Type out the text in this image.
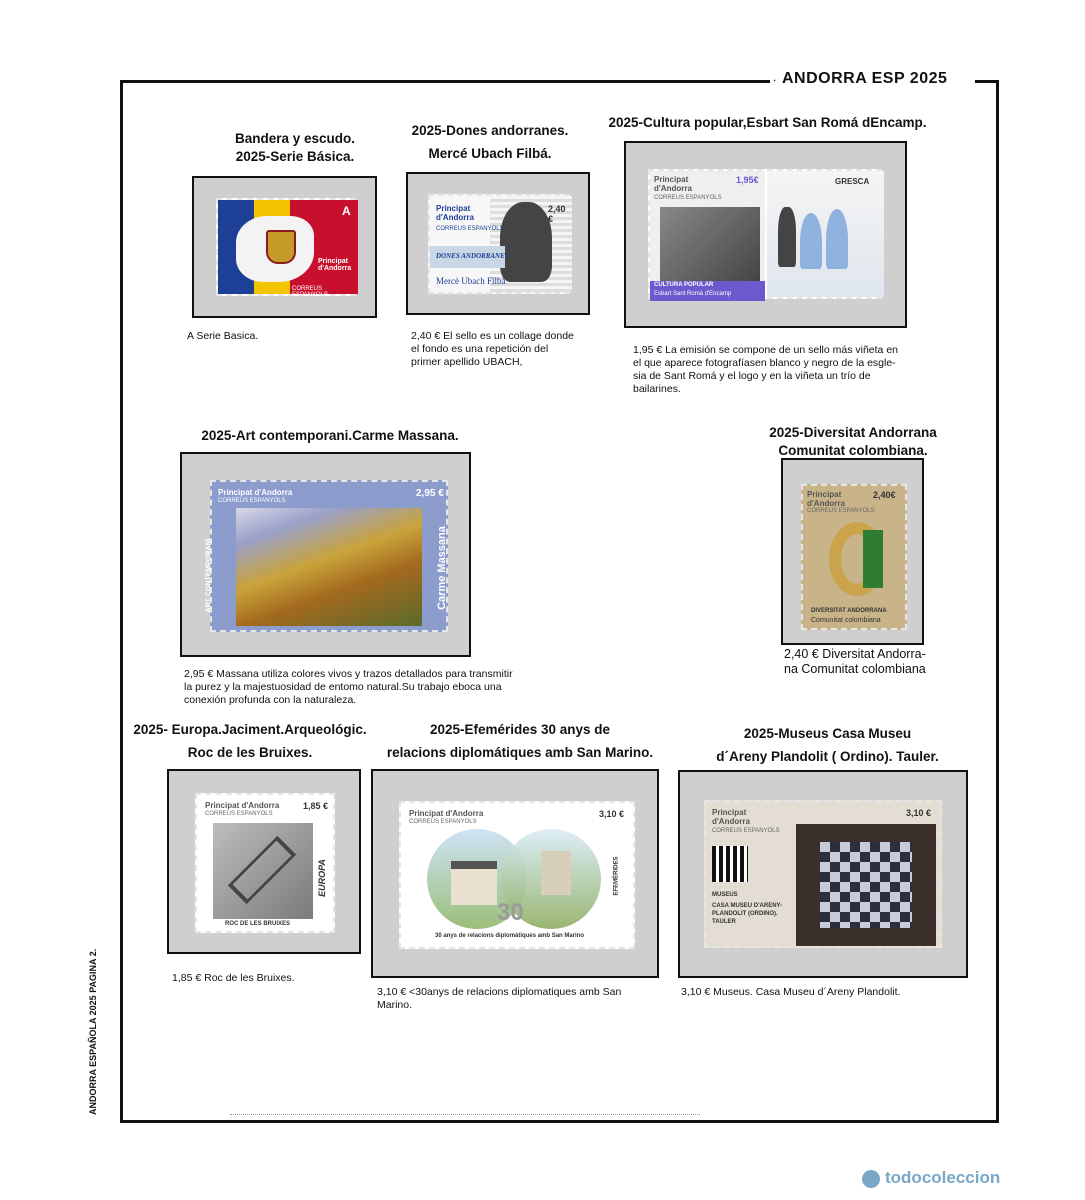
. ANDORRA ESP 2025
ANDORRA ESPAÑOLA 2025 PAGINA 2.
Bandera y escudo.
2025-Serie Básica.
A
Principat d'Andorra
CORREUS ESPANYOLS
A Serie Basica.
2025-Dones andorranes.
Mercé Ubach Filbá.
Principat d'Andorra
CORREUS ESPANYOLS
2,40 €
DONES ANDORRANES
Mercè Ubach Filbà
2,40 € El sello es un collage donde
el fondo es una repetición del
primer apellido UBACH,
2025-Cultura popular,Esbart San Romá dEncamp.
Principat d'Andorra
CORREUS ESPANYOLS
1,95€
CULTURA POPULAR
Esbart Sant Romà d'Encamp
GRESCA
1,95 € La emisión se compone de un sello más viñeta en
el que aparece fotografíasen blanco y negro de la esgle-
sia de Sant Romá y el logo y en la viñeta un trío de
bailarines.
2025-Art contemporani.Carme Massana.
Principat d'Andorra
CORREUS ESPANYOLS
2,95 €
ART CONTEMPORANI	Carme Massana
2,95 € Massana utiliza colores vivos y trazos detallados para transmitir
la purez y la majestuosidad de entomo natural.Su trabajo eboca una
conexión profunda con la naturaleza.
2025-Diversitat Andorrana
Comunitat colombiana.
Principat d'Andorra
CORREUS ESPANYOLS
2,40€
DIVERSITAT ANDORRANA
Comunitat colombiana
2,40 € Diversitat Andorra-
na Comunitat colombiana
2025- Europa.Jaciment.Arqueológic.
Roc de les Bruixes.
Principat d'Andorra
CORREUS ESPANYOLS
1,85 €
ROC DE LES BRUIXES
EUROPA
1,85 € Roc de les Bruixes.
2025-Efemérides 30 anys de
relacions diplomátiques amb San Marino.
Principat d'Andorra
CORREUS ESPANYOLS
3,10 €
30
30 anys de relacions diplomàtiques amb San Marino
EFEMÈRIDES
3,10 € <30anys de relacions diplomatiques amb San
Marino.
2025-Museus Casa Museu
d´Areny Plandolit ( Ordino). Tauler.
Principat d'Andorra
CORREUS ESPANYOLS
3,10 €
MUSEUS
CASA MUSEU D'ARENY-PLANDOLIT (ORDINO). TAULER
3,10 € Museus. Casa Museu d´Areny Plandolit.
todocoleccion
